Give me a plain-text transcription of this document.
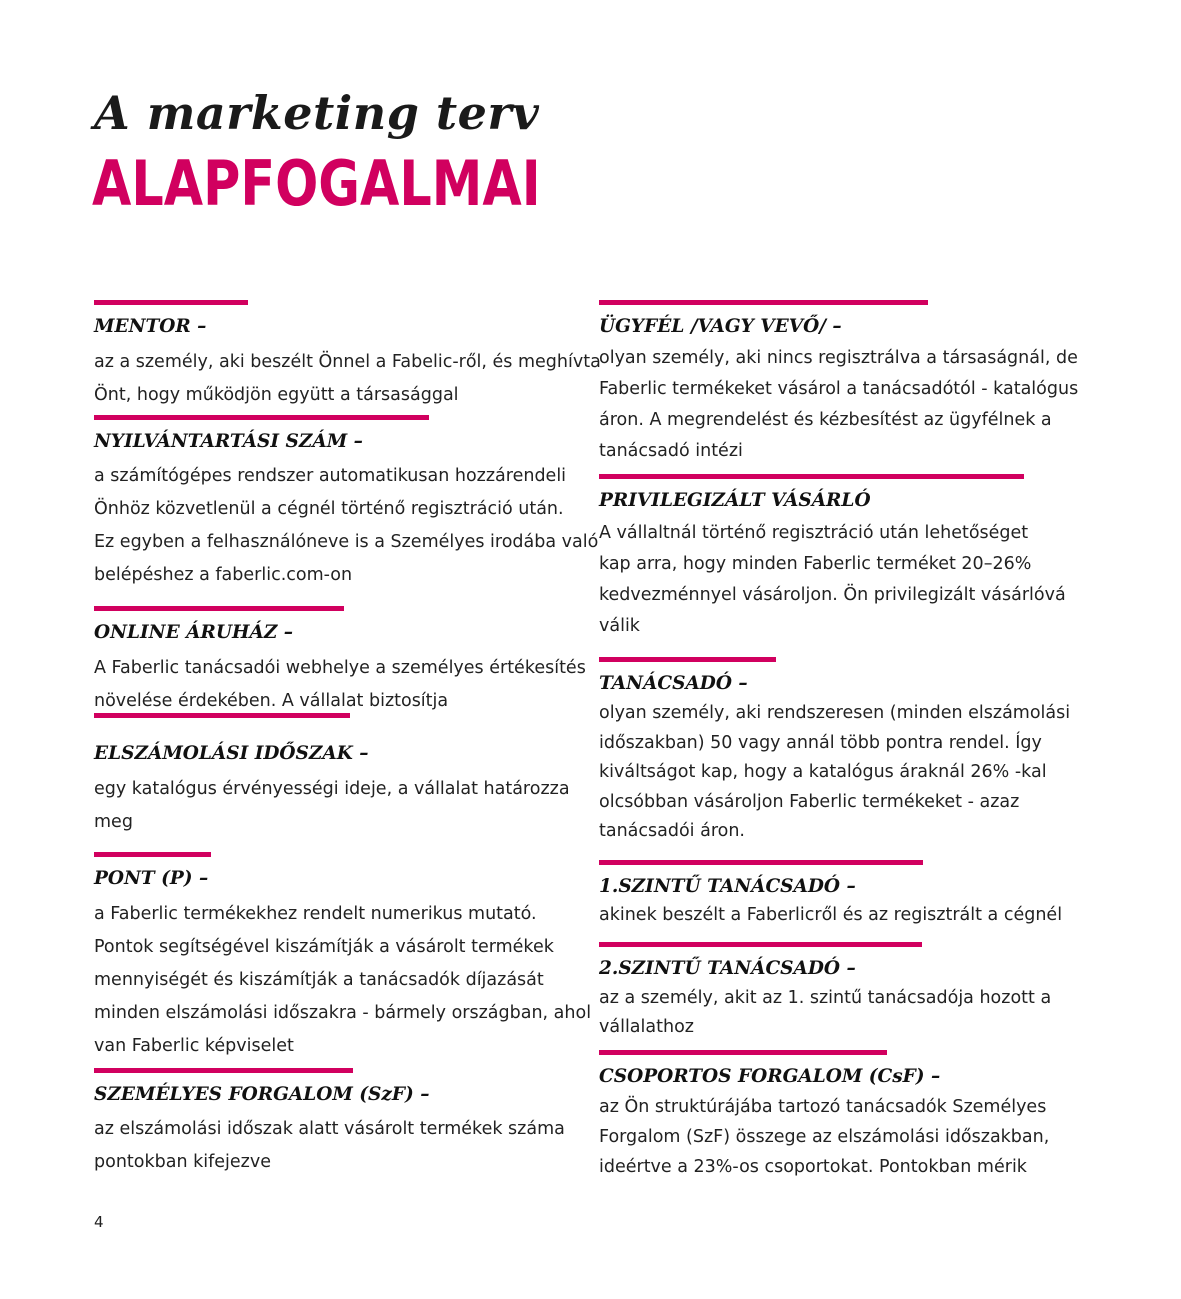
A marketing terv
ALAPFOGALMAI
MENTOR –
az a személy, aki beszélt Önnel a Fabelic-ről, és meghívta
Önt, hogy működjön együtt a társasággal
NYILVÁNTARTÁSI SZÁM –
a számítógépes rendszer automatikusan hozzárendeli
Önhöz közvetlenül a cégnél történő regisztráció után.
Ez egyben a felhasználóneve is a Személyes irodába való
belépéshez a faberlic.com-on
ONLINE ÁRUHÁZ –
A Faberlic tanácsadói webhelye a személyes értékesítés
növelése érdekében. A vállalat biztosítja
ELSZÁMOLÁSI IDŐSZAK –
egy katalógus érvényességi ideje, a vállalat határozza
meg
PONT (P) –
a Faberlic termékekhez rendelt numerikus mutató.
Pontok segítségével kiszámítják a vásárolt termékek
mennyiségét és kiszámítják a tanácsadók díjazását
minden elszámolási időszakra - bármely országban, ahol
van Faberlic képviselet
SZEMÉLYES FORGALOM (SzF) –
az elszámolási időszak alatt vásárolt termékek száma
pontokban kifejezve
ÜGYFÉL /VAGY VEVŐ/ –
olyan személy, aki nincs regisztrálva a társaságnál, de
Faberlic termékeket vásárol a tanácsadótól - katalógus
áron. A megrendelést és kézbesítést az ügyfélnek a
tanácsadó intézi
PRIVILEGIZÁLT VÁSÁRLÓ
A vállaltnál történő regisztráció után lehetőséget
kap arra, hogy minden Faberlic terméket 20–26%
kedvezménnyel vásároljon. Ön privilegizált vásárlóvá
válik
TANÁCSADÓ –
olyan személy, aki rendszeresen (minden elszámolási
időszakban) 50 vagy annál több pontra rendel. Így
kiváltságot kap, hogy a katalógus áraknál 26% -kal
olcsóbban vásároljon Faberlic termékeket - azaz
tanácsadói áron.
1.SZINTŰ TANÁCSADÓ –
akinek beszélt a Faberlicről és az regisztrált a cégnél
2.SZINTŰ TANÁCSADÓ –
az a személy, akit az 1. szintű tanácsadója hozott a
vállalathoz
CSOPORTOS FORGALOM (CsF) –
az Ön struktúrájába tartozó tanácsadók Személyes
Forgalom (SzF) összege az elszámolási időszakban,
ideértve a 23%-os csoportokat. Pontokban mérik
4
